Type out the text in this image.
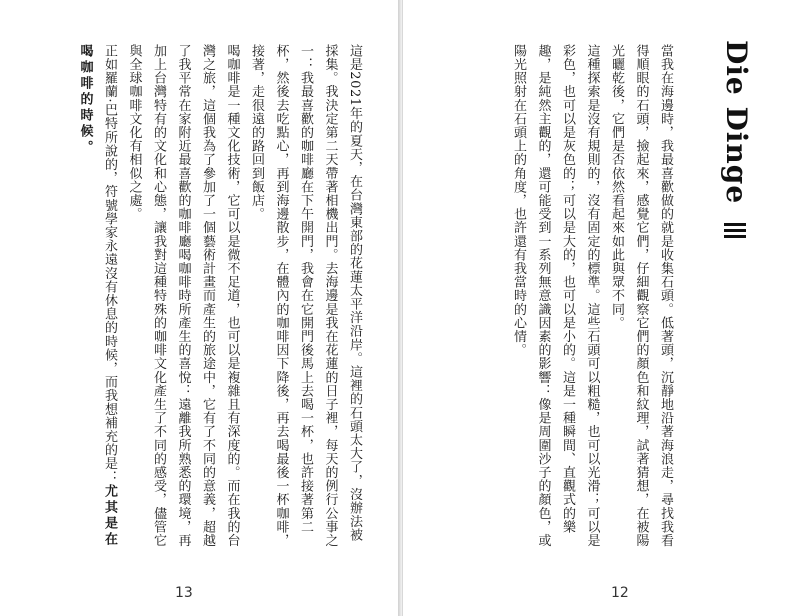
這是2021年的夏天，在台灣東部的花蓮太平洋沿岸。這裡的石頭太大了，沒辦法被採集。我決定第二天帶著相機出門。去海邊是我在花蓮的日子裡，每天的例行公事之一：我最喜歡的咖啡廳在下午開門，我會在它開門後馬上去喝一杯，也許接著第二杯，然後去吃點心，再到海邊散步，在體內的咖啡因下降後，再去喝最後一杯咖啡，接著，走很遠的路回到飯店。

喝咖啡是一種文化技術，它可以是微不足道，也可以是複雜且有深度的。而在我的台灣之旅，這個我為了參加了一個藝術計畫而產生的旅途中，它有了不同的意義，超越了我平常在家附近最喜歡的咖啡廳喝咖啡時所產生的喜悅：遠離我所熟悉的環境，再加上台灣特有的文化和心態，讓我對這種特殊的咖啡文化產生了不同的感受，儘管它與全球咖啡文化有相似之處。

正如羅蘭·巴特所說的，符號學家永遠沒有休息的時候，而我想補充的是：尤其是在喝咖啡的時候。

13

當我在海邊時，我最喜歡做的就是收集石頭。低著頭，沉靜地沿著海浪走，尋找我看得順眼的石頭，撿起來，感覺它們，仔細觀察它們的顏色和紋理，試著猜想，在被陽光曬乾後，它們是否依然看起來如此與眾不同。

這種探索是沒有規則的，沒有固定的標準。這些石頭可以粗糙，也可以光滑；可以是彩色，也可以是灰色的；可以是大的，也可以是小的。這是一種瞬間、直觀式的樂趣，是純然主觀的，還可能受到一系列無意識因素的影響：像是周圍沙子的顏色，或陽光照射在石頭上的角度，也許還有我當時的心情。

12
Die Dinge
